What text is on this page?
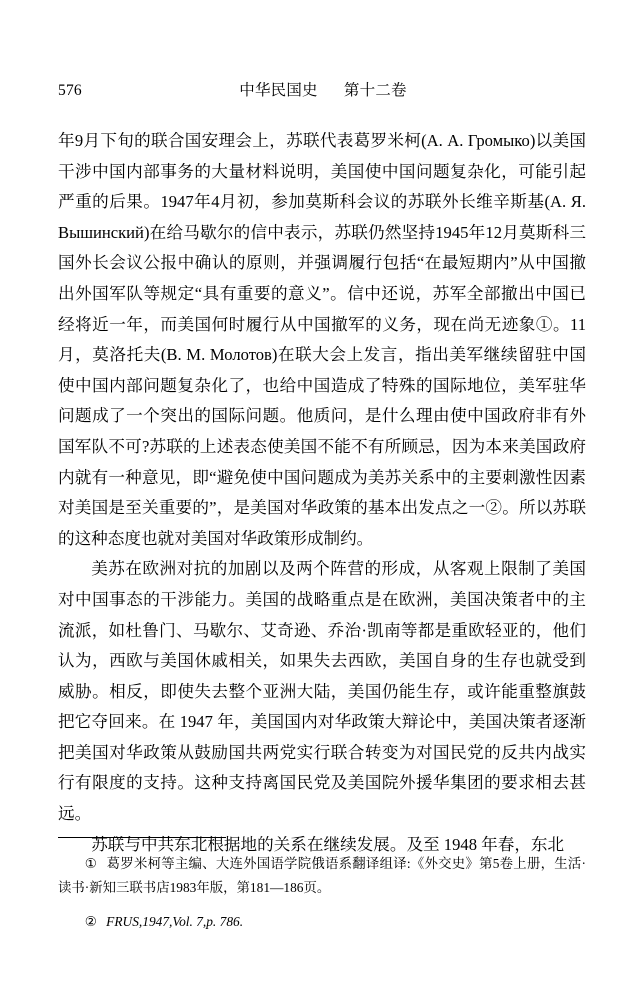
576	中华民国史 第十二卷

年9月下旬的联合国安理会上，苏联代表葛罗米柯(А. А. Громыко)以美国干涉中国内部事务的大量材料说明，美国使中国问题复杂化，可能引起严重的后果。1947年4月初，参加莫斯科会议的苏联外长维辛斯基(А. Я. Вышинский)在给马歇尔的信中表示，苏联仍然坚持1945年12月莫斯科三国外长会议公报中确认的原则，并强调履行包括“在最短期内”从中国撤出外国军队等规定“具有重要的意义”。信中还说，苏军全部撤出中国已经将近一年，而美国何时履行从中国撤军的义务，现在尚无迹象①。11月，莫洛托夫(В. М. Молотов)在联大会上发言，指出美军继续留驻中国使中国内部问题复杂化了，也给中国造成了特殊的国际地位，美军驻华问题成了一个突出的国际问题。他质问，是什么理由使中国政府非有外国军队不可?苏联的上述表态使美国不能不有所顾忌，因为本来美国政府内就有一种意见，即“避免使中国问题成为美苏关系中的主要刺激性因素对美国是至关重要的”，是美国对华政策的基本出发点之一②。所以苏联的这种态度也就对美国对华政策形成制约。

美苏在欧洲对抗的加剧以及两个阵营的形成，从客观上限制了美国对中国事态的干涉能力。美国的战略重点是在欧洲，美国决策者中的主流派，如杜鲁门、马歇尔、艾奇逊、乔治·凯南等都是重欧轻亚的，他们认为，西欧与美国休戚相关，如果失去西欧，美国自身的生存也就受到威胁。相反，即使失去整个亚洲大陆，美国仍能生存，或许能重整旗鼓把它夺回来。在 1947 年，美国国内对华政策大辩论中，美国决策者逐渐把美国对华政策从鼓励国共两党实行联合转变为对国民党的反共内战实行有限度的支持。这种支持离国民党及美国院外援华集团的要求相去甚远。

苏联与中共东北根据地的关系在继续发展。及至 1948 年春，东北

① 葛罗米柯等主编、大连外国语学院俄语系翻译组译:《外交史》第5卷上册，生活·读书·新知三联书店1983年版，第181—186页。

② FRUS,1947,Vol. 7,p. 786.
